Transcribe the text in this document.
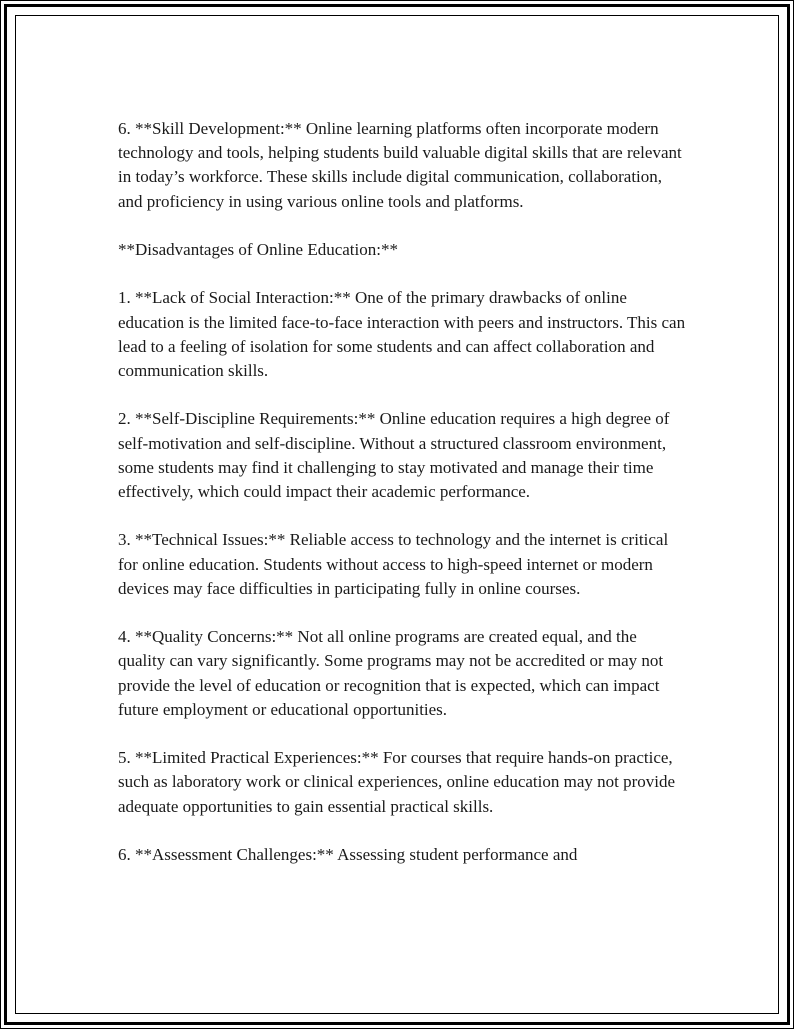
6. **Skill Development:** Online learning platforms often incorporate modern technology and tools, helping students build valuable digital skills that are relevant in today’s workforce. These skills include digital communication, collaboration, and proficiency in using various online tools and platforms.

**Disadvantages of Online Education:**

1. **Lack of Social Interaction:** One of the primary drawbacks of online education is the limited face-to-face interaction with peers and instructors. This can lead to a feeling of isolation for some students and can affect collaboration and communication skills.

2. **Self-Discipline Requirements:** Online education requires a high degree of self-motivation and self-discipline. Without a structured classroom environment, some students may find it challenging to stay motivated and manage their time effectively, which could impact their academic performance.

3. **Technical Issues:** Reliable access to technology and the internet is critical for online education. Students without access to high-speed internet or modern devices may face difficulties in participating fully in online courses.

4. **Quality Concerns:** Not all online programs are created equal, and the quality can vary significantly. Some programs may not be accredited or may not provide the level of education or recognition that is expected, which can impact future employment or educational opportunities.

5. **Limited Practical Experiences:** For courses that require hands-on practice, such as laboratory work or clinical experiences, online education may not provide adequate opportunities to gain essential practical skills.

6. **Assessment Challenges:** Assessing student performance and
